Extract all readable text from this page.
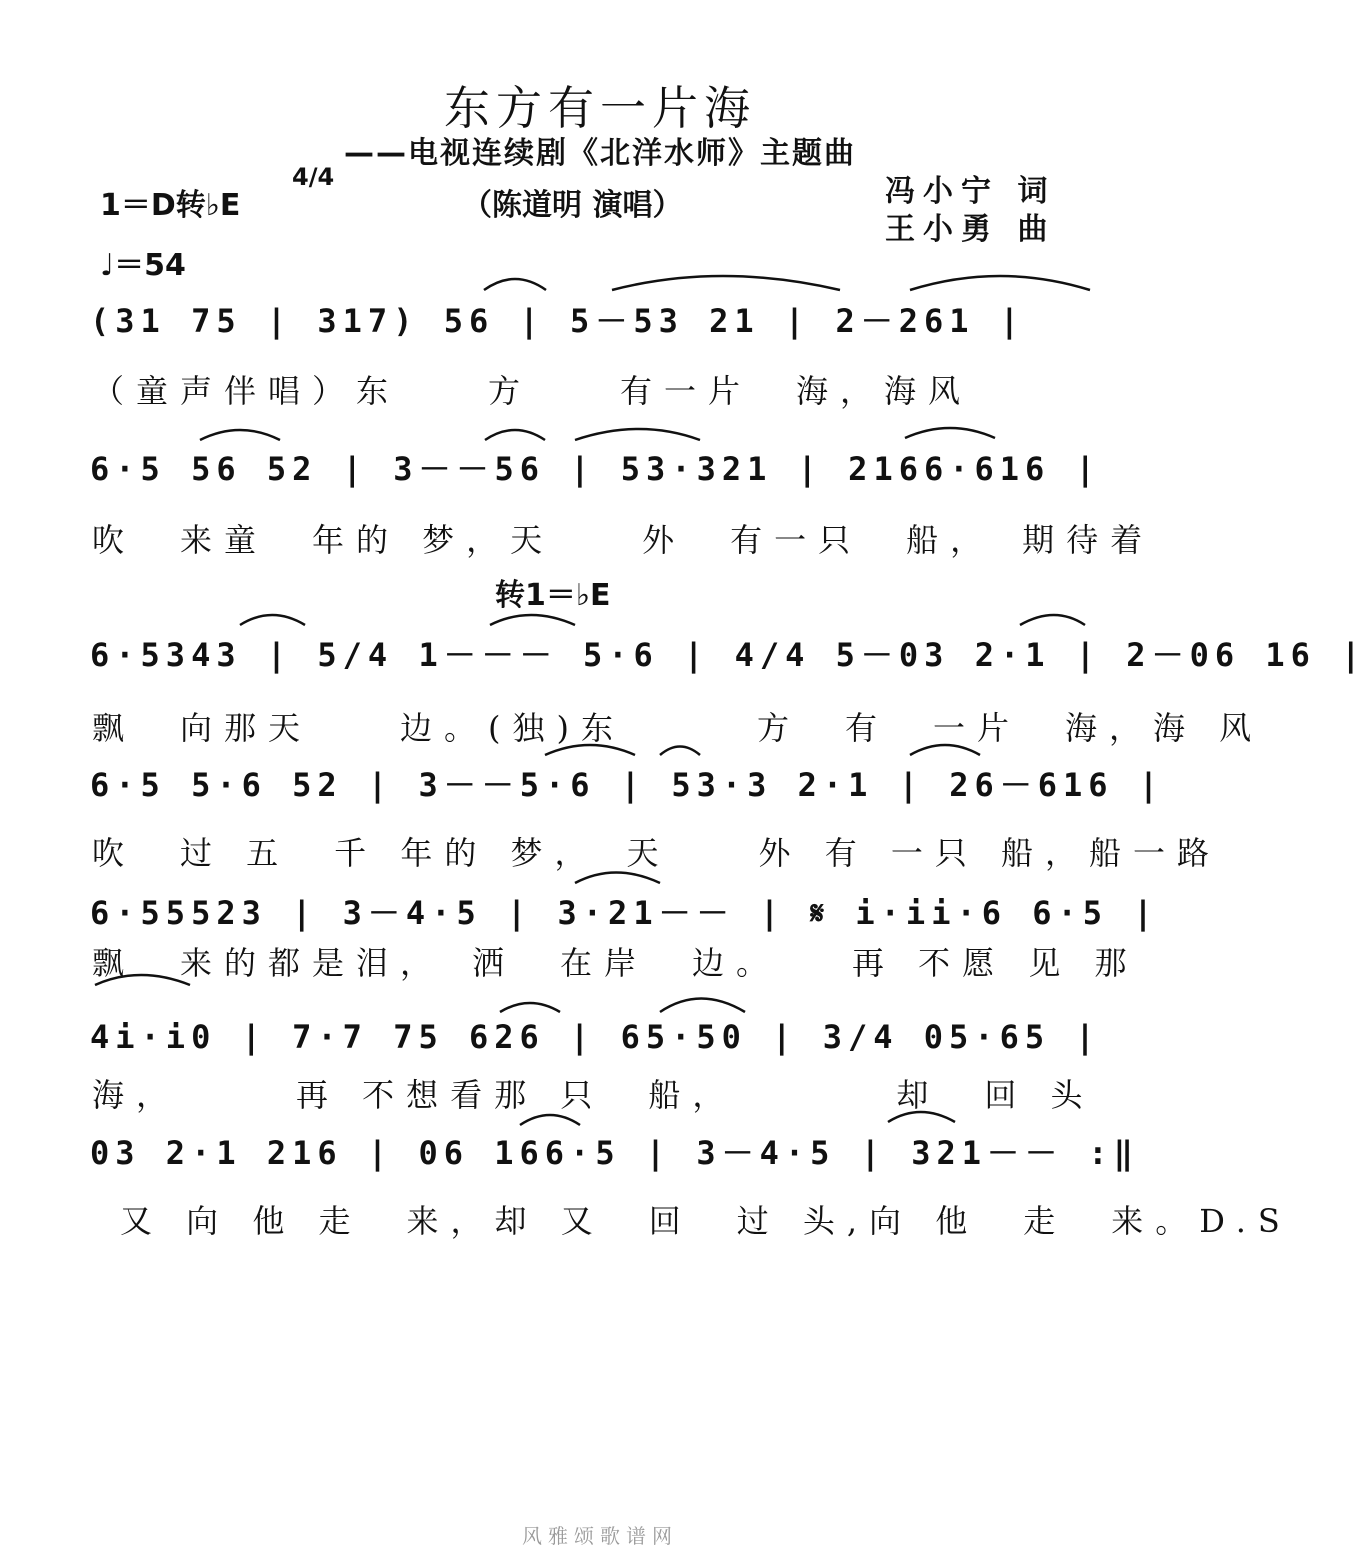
东方有一片海
——电视连续剧《北洋水师》主题曲
1＝D转♭E
4/4
（陈道明 演唱）	冯小宁 词
王小勇 曲
♩＝54
(31 75 | 317) 56 | 5－53 21 | 2－261 |
（童声伴唱）东　　方　　有一片　海，海风
6·5 56 52 | 3－－56 | 53·321 | 2166·616 |
吹　来童　年的 梦，天　　外　有一只　船，　期待着
转1＝♭E
6·5343 | 5/4 1－－－ 5·6 | 4/4 5－03 2·1 | 2－06 16 |
飘　向那天　　边。(独)东　　　方　有　一片　海，海 风
6·5 5·6 52 | 3－－5·6 | 53·3 2·1 | 26－616 |
吹　过 五　千 年的 梦，　天　　外 有 一只 船，船一路
6·55523 | 3－4·5 | 3·21－－ | 𝄋 i·ii·6 6·5 |
飘　来的都是泪，　洒　在岸　边。　　再 不愿 见 那
4i·i0 | 7·7 75 626 | 65·50 | 3/4 05·65 |
海，　　　再 不想看那 只　船，　　　　却　回 头
03 2·1 216 | 06 166·5 | 3－4·5 | 321－－ :‖
又 向 他 走　来，却 又　回　过 头,向 他　走　来。D.S
风雅颂歌谱网
